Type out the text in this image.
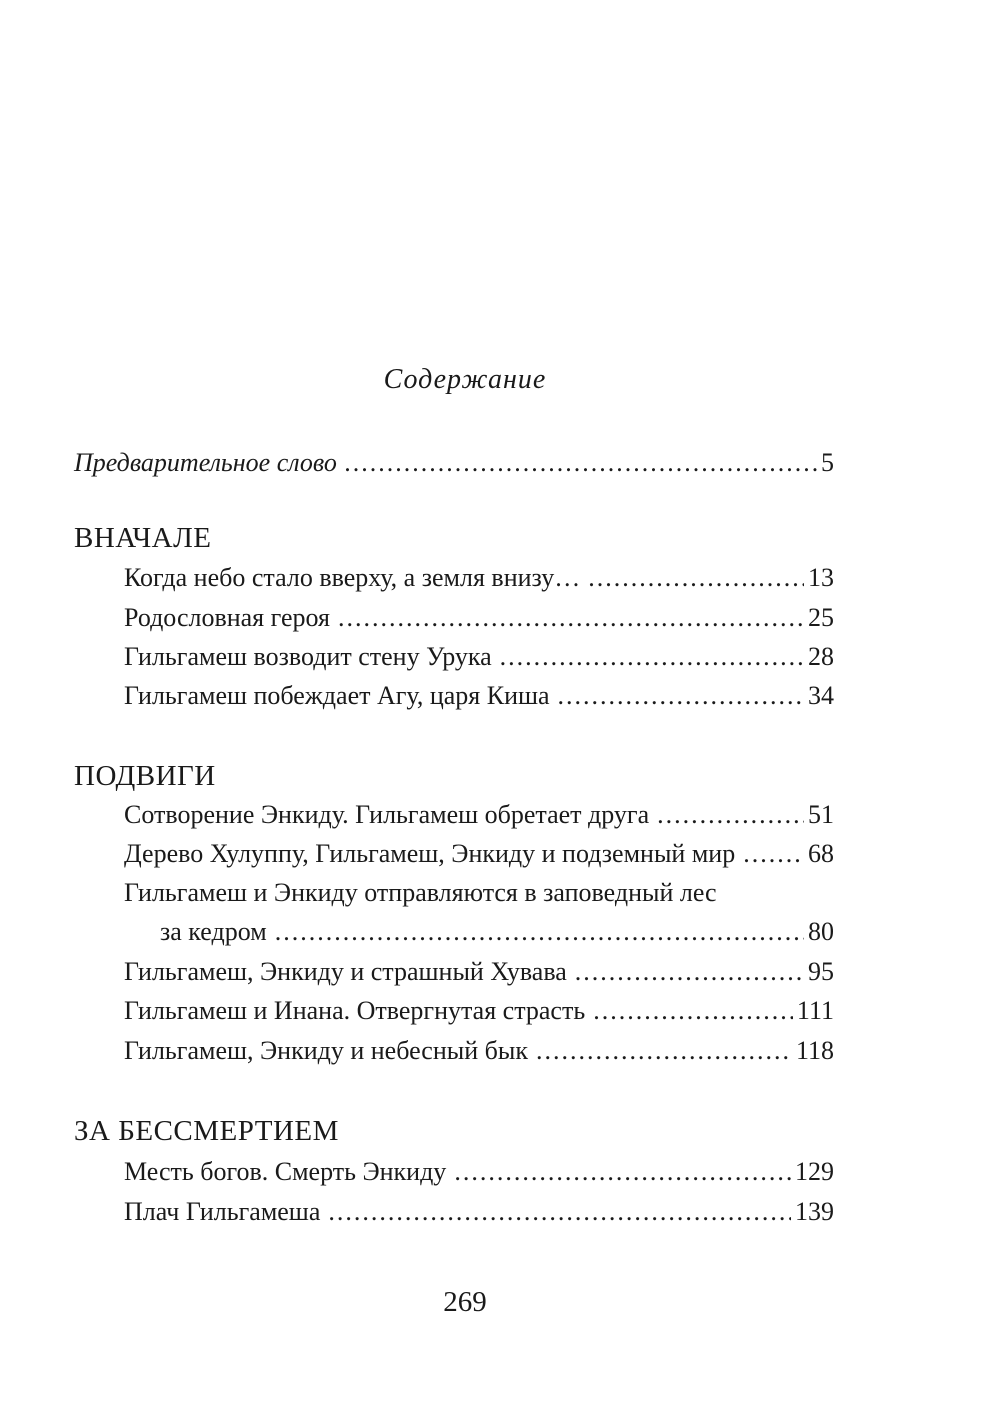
Содержание
Предварительное слово .....	5
ВНАЧАЛЕ
Когда небо стало вверху, а земля внизу… .....	13
Родословная героя .....	25
Гильгамеш возводит стену Урука .....	28
Гильгамеш побеждает Агу, царя Киша .....	34
ПОДВИГИ
Сотворение Энкиду. Гильгамеш обретает друга .....	51
Дерево Хулуппу, Гильгамеш, Энкиду и подземный мир .....	68
Гильгамеш и Энкиду отправляются в заповедный лес
за кедром .....	80
Гильгамеш, Энкиду и страшный Хувава .....	95
Гильгамеш и Инана. Отвергнутая страсть .....	111
Гильгамеш, Энкиду и небесный бык .....	118
ЗА БЕССМЕРТИЕМ
Месть богов. Смерть Энкиду .....	129
Плач Гильгамеша .....	139
269
